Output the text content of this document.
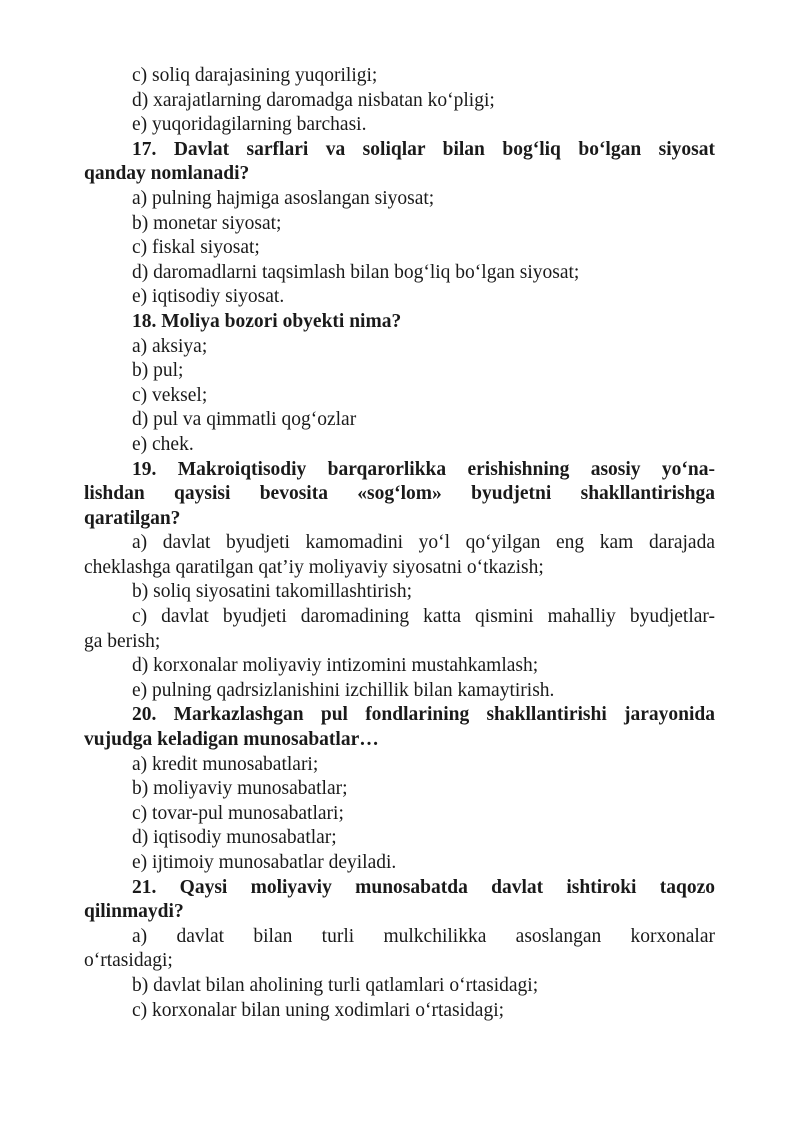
c) soliq darajasining yuqoriligi;
d) xarajatlarning daromadga nisbatan ko‘pligi;
e) yuqoridagilarning barchasi.
17. Davlat sarflari va soliqlar bilan bog‘liq bo‘lgan siyosat
qanday nomlanadi?
a) pulning hajmiga asoslangan siyosat;
b) monetar siyosat;
c) fiskal siyosat;
d) daromadlarni taqsimlash bilan bog‘liq bo‘lgan siyosat;
e) iqtisodiy siyosat.
18. Moliya bozori obyekti nima?
a) aksiya;
b) pul;
c) veksel;
d) pul va qimmatli qog‘ozlar
e) chek.
19. Makroiqtisodiy barqarorlikka erishishning asosiy yo‘na-
lishdan qaysisi bevosita «sog‘lom» byudjetni shakllantirishga
qaratilgan?
a) davlat byudjeti kamomadini yo‘l qo‘yilgan eng kam darajada
cheklashga qaratilgan qat’iy moliyaviy siyosatni o‘tkazish;
b) soliq siyosatini takomillashtirish;
c) davlat byudjeti daromadining katta qismini mahalliy byudjetlar-
ga berish;
d) korxonalar moliyaviy intizomini mustahkamlash;
e) pulning qadrsizlanishini izchillik bilan kamaytirish.
20. Markazlashgan pul fondlarining shakllantirishi jarayonida
vujudga keladigan munosabatlar…
a) kredit munosabatlari;
b) moliyaviy munosabatlar;
c) tovar-pul munosabatlari;
d) iqtisodiy munosabatlar;
e) ijtimoiy munosabatlar deyiladi.
21. Qaysi moliyaviy munosabatda davlat ishtiroki taqozo
qilinmaydi?
a) davlat bilan turli mulkchilikka asoslangan korxonalar
o‘rtasidagi;
b) davlat bilan aholining turli qatlamlari o‘rtasidagi;
c) korxonalar bilan uning xodimlari o‘rtasidagi;
